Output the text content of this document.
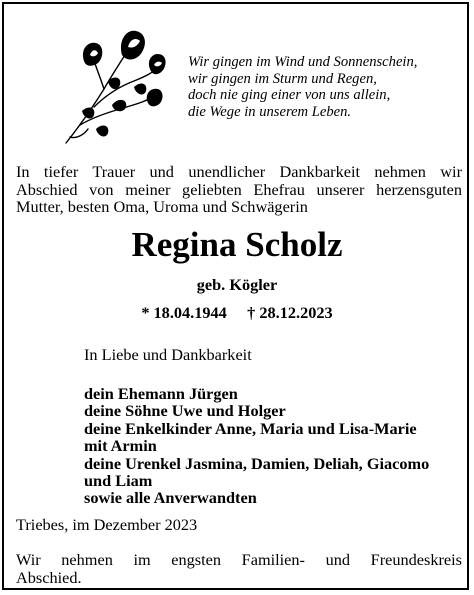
Wir gingen im Wind und Sonnenschein,
wir gingen im Sturm und Regen,
doch nie ging einer von uns allein,
die Wege in unserem Leben.
In tiefer Trauer und unendlicher Dankbarkeit nehmen wir
Abschied von meiner geliebten Ehefrau unserer herzensguten
Mutter, besten Oma, Uroma und Schwägerin
Regina Scholz
geb. Kögler
* 18.04.1944 † 28.12.2023
In Liebe und Dankbarkeit
dein Ehemann Jürgen
deine Söhne Uwe und Holger
deine Enkelkinder Anne, Maria und Lisa-Marie
mit Armin
deine Urenkel Jasmina, Damien, Deliah, Giacomo
und Liam
sowie alle Anverwandten
Triebes, im Dezember 2023
Wir nehmen im engsten Familien- und Freundeskreis
Abschied.
